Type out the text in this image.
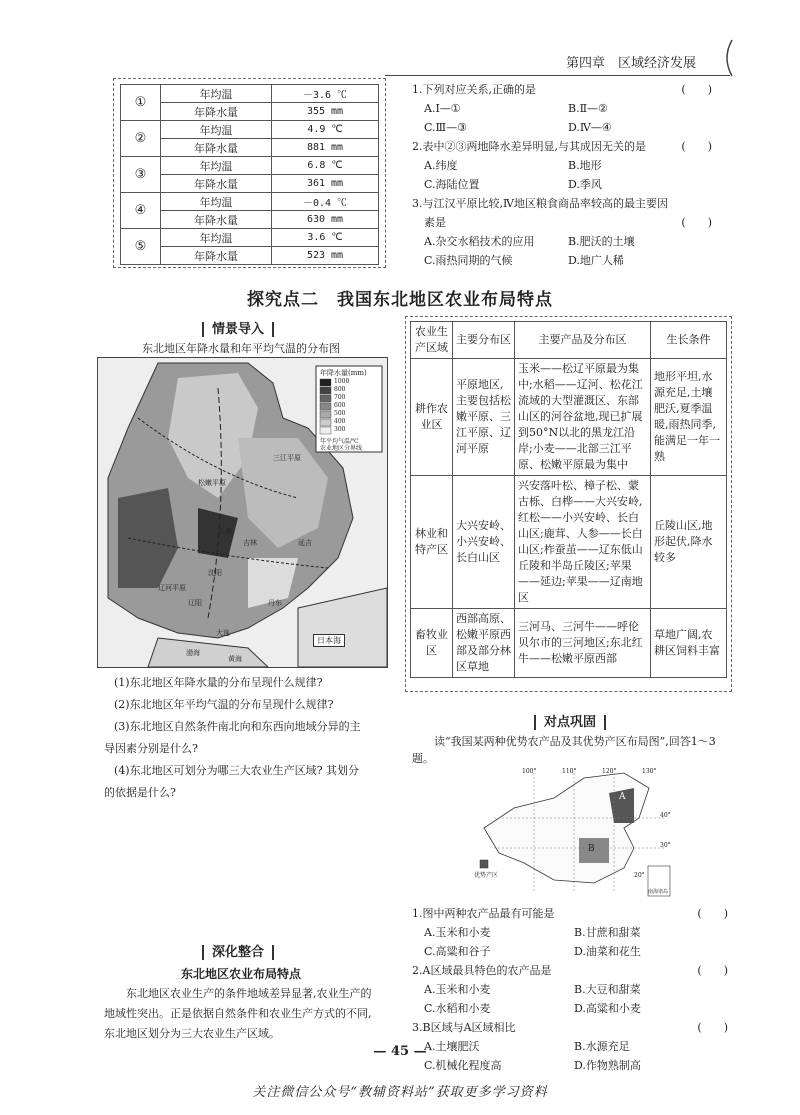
第四章　区域经济发展
①	年均温	－3.6 ℃
	年降水量	355 mm
②	年均温	4.9 ℃
	年降水量	881 mm
③	年均温	6.8 ℃
	年降水量	361 mm
④	年均温	－0.4 ℃
	年降水量	630 mm
⑤	年均温	3.6 ℃
	年降水量	523 mm
1.下列对应关系,正确的是	(　　)
A.Ⅰ—①	B.Ⅱ—②
C.Ⅲ—③	D.Ⅳ—④
2.表中②③两地降水差异明显,与其成因无关的是	(　　)
A.纬度	B.地形
C.海陆位置	D.季风
3.与江汉平原比较,Ⅳ地区粮食商品率较高的最主要因
素是	(　　)
A.杂交水稻技术的应用	B.肥沃的土壤
C.雨热同期的气候	D.地广人稀
探究点二　我国东北地区农业布局特点
情景导入
东北地区年降水量和年平均气温的分布图
年降水量(mm)
1000
800
700
600
500
400
300
年平均气温/℃
农业地区分界线
日本海
渤海
黄海
三江平原
松嫩平原
辽河平原
吉林
长春
延吉
丹东
沈阳
大连
辽阳
(1)东北地区年降水量的分布呈现什么规律?
(2)东北地区年平均气温的分布呈现什么规律?
(3)东北地区自然条件南北向和东西向地域分异的主
导因素分别是什么?
(4)东北地区可划分为哪三大农业生产区域? 其划分
的依据是什么?
深化整合
东北地区农业布局特点
东北地区农业生产的条件地域差异显著,农业生产的
地域性突出。正是依据自然条件和农业生产方式的不同,
东北地区划分为三大农业生产区域。
农业生产区域	主要分布区	主要产品及分布区	生长条件
耕作农业区	平原地区,主要包括松嫩平原、三江平原、辽河平原	玉米——松辽平原最为集中;水稻——辽河、松花江流域的大型灌溉区、东部山区的河谷盆地,现已扩展到50°N以北的黑龙江沿岸;小麦——北部三江平原、松嫩平原最为集中	地形平坦,水源充足,土壤肥沃,夏季温暖,雨热同季,能满足一年一熟
林业和特产区	大兴安岭、小兴安岭、长白山区	兴安落叶松、樟子松、蒙古栎、白桦——大兴安岭,红松——小兴安岭、长白山区;鹿茸、人参——长白山区;柞蚕茧——辽东低山丘陵和半岛丘陵区;苹果——延边;苹果——辽南地区	丘陵山区,地形起伏,降水较多
畜牧业区	西部高原、松嫩平原西部及部分林区草地	三河马、三河牛——呼伦贝尔市的三河地区;东北红牛——松嫩平原西部	草地广阔,农耕区饲料丰富
对点巩固
读“我国某两种优势农产品及其优势产区布局图”,回答1～3题。
A
B
100°	110°	120°	130°
40°
30°
20°
优势产区
南海诸岛
1.图中两种农产品最有可能是	(　　)
A.玉米和小麦	B.甘蔗和甜菜
C.高粱和谷子	D.油菜和花生
2.A区域最具特色的农产品是	(　　)
A.玉米和小麦	B.大豆和甜菜
C.水稻和小麦	D.高粱和小麦
3.B区域与A区域相比	(　　)
A.土壤肥沃	B.水源充足
C.机械化程度高	D.作物熟制高
— 45 —
关注微信公众号“教辅资料站”获取更多学习资料
